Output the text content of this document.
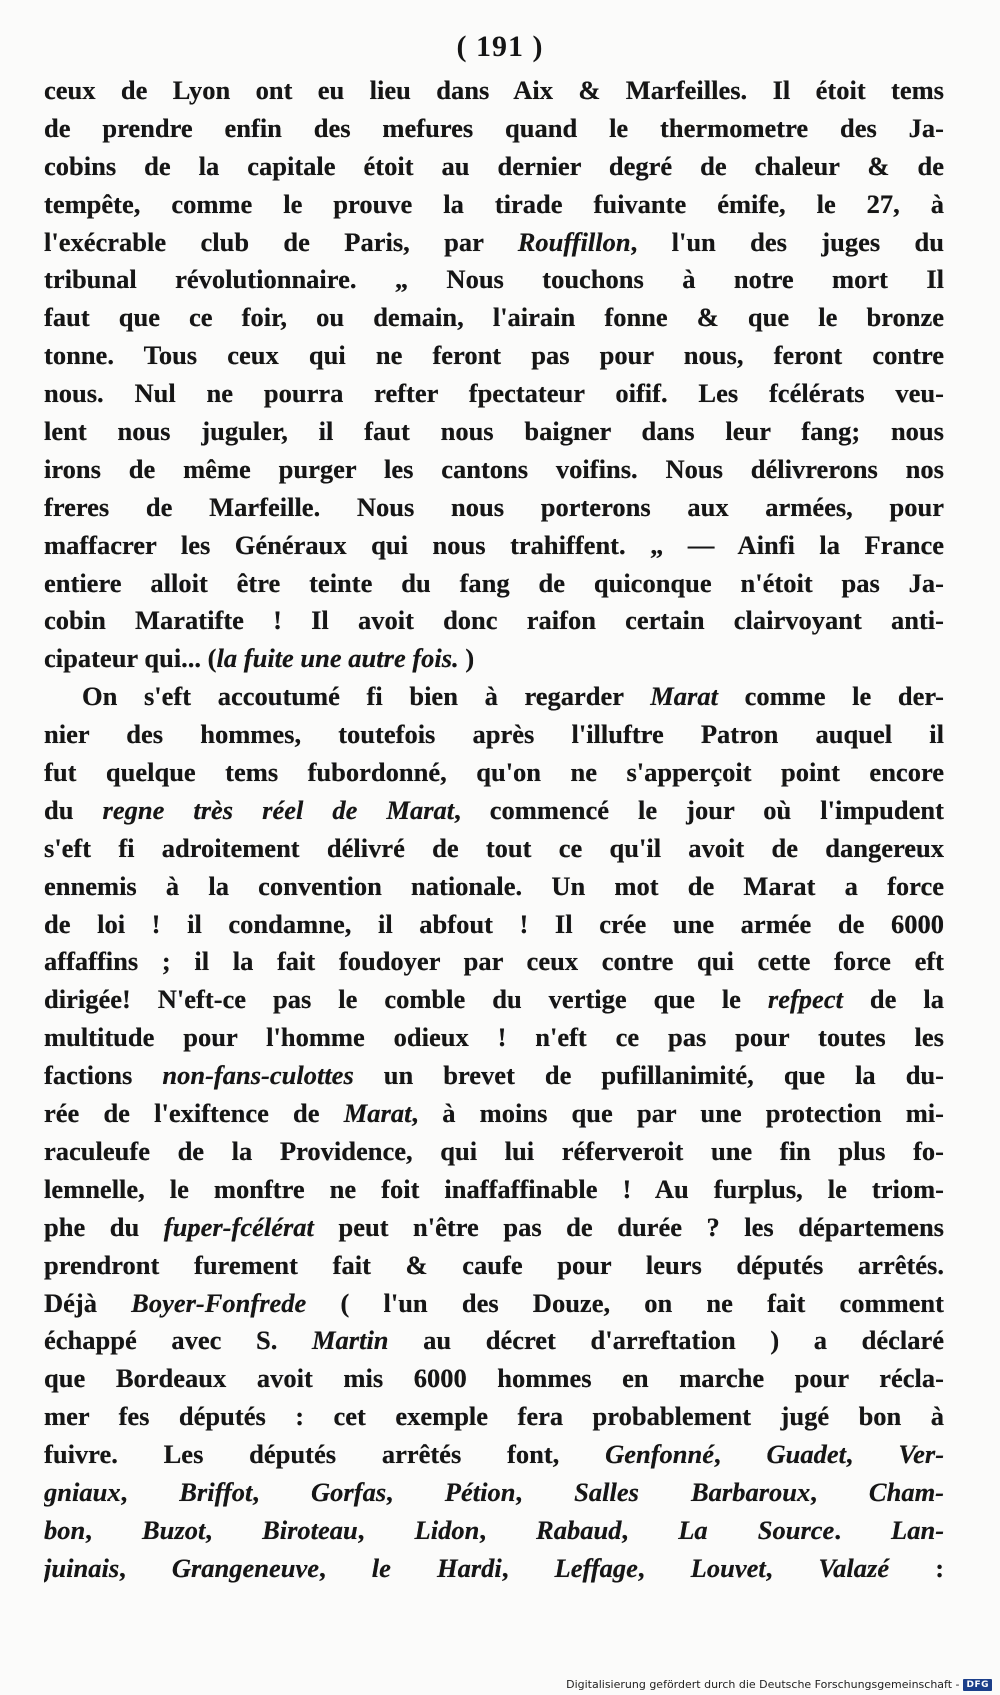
( 191 )
ceux de Lyon ont eu lieu dans Aix & Marfeilles. Il étoit tems
de prendre enfin des mefures quand le thermometre des Ja-
cobins de la capitale étoit au dernier degré de chaleur & de
tempête, comme le prouve la tirade fuivante émife, le 27, à
l'exécrable club de Paris, par Rouffillon, l'un des juges du
tribunal révolutionnaire. „ Nous touchons à notre mort Il
faut que ce foir, ou demain, l'airain fonne & que le bronze
tonne. Tous ceux qui ne feront pas pour nous, feront contre
nous. Nul ne pourra refter fpectateur oifif. Les fcélérats veu-
lent nous juguler, il faut nous baigner dans leur fang; nous
irons de même purger les cantons voifins. Nous délivrerons nos
freres de Marfeille. Nous nous porterons aux armées, pour
maffacrer les Généraux qui nous trahiffent. „ — Ainfi la France
entiere alloit être teinte du fang de quiconque n'étoit pas Ja-
cobin Maratifte ! Il avoit donc raifon certain clairvoyant anti-
cipateur qui... (la fuite une autre fois. )
On s'eft accoutumé fi bien à regarder Marat comme le der-
nier des hommes, toutefois après l'illuftre Patron auquel il
fut quelque tems fubordonné, qu'on ne s'apperçoit point encore
du regne très réel de Marat, commencé le jour où l'impudent
s'eft fi adroitement délivré de tout ce qu'il avoit de dangereux
ennemis à la convention nationale. Un mot de Marat a force
de loi ! il condamne, il abfout ! Il crée une armée de 6000
affaffins ; il la fait foudoyer par ceux contre qui cette force eft
dirigée! N'eft-ce pas le comble du vertige que le refpect de la
multitude pour l'homme odieux ! n'eft ce pas pour toutes les
factions non-fans-culottes un brevet de pufillanimité, que la du-
rée de l'exiftence de Marat, à moins que par une protection mi-
raculeufe de la Providence, qui lui réferveroit une fin plus fo-
lemnelle, le monftre ne foit inaffaffinable ! Au furplus, le triom-
phe du fuper-fcélérat peut n'être pas de durée ? les départemens
prendront furement fait & caufe pour leurs députés arrêtés.
Déjà Boyer-Fonfrede ( l'un des Douze, on ne fait comment
échappé avec S. Martin au décret d'arreftation ) a déclaré
que Bordeaux avoit mis 6000 hommes en marche pour récla-
mer fes députés : cet exemple fera probablement jugé bon à
fuivre. Les députés arrêtés font, Genfonné, Guadet, Ver-
gniaux, Briffot, Gorfas, Pétion, Salles Barbaroux, Cham-
bon, Buzot, Biroteau, Lidon, Rabaud, La Source. Lan-
juinais, Grangeneuve, le Hardi, Leffage, Louvet, Valazé :
Digitalisierung gefördert durch die Deutsche Forschungsgemeinschaft - DFG
